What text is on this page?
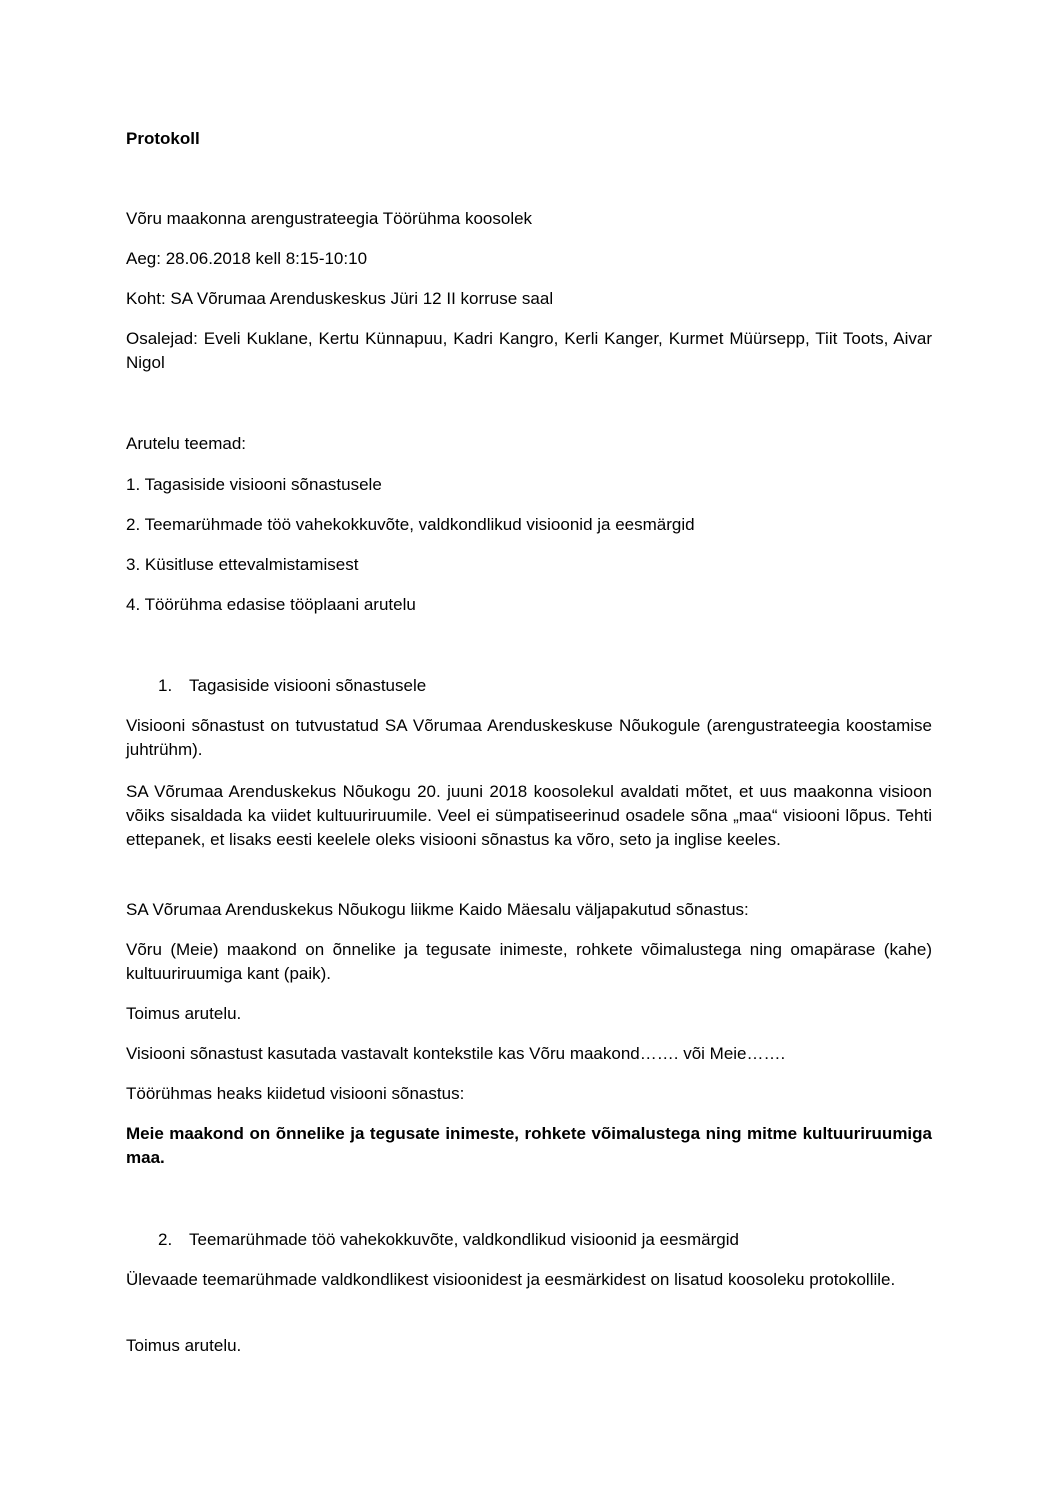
Protokoll

Võru maakonna arengustrateegia Töörühma koosolek

Aeg: 28.06.2018 kell 8:15-10:10

Koht: SA Võrumaa Arenduskeskus Jüri 12 II korruse saal

Osalejad: Eveli Kuklane, Kertu Künnapuu, Kadri Kangro, Kerli Kanger, Kurmet Müürsepp, Tiit Toots, Aivar Nigol

Arutelu teemad:

1. Tagasiside visiooni sõnastusele

2. Teemarühmade töö vahekokkuvõte, valdkondlikud visioonid ja eesmärgid

3. Küsitluse ettevalmistamisest

4. Töörühma edasise tööplaani arutelu

1. Tagasiside visiooni sõnastusele

Visiooni sõnastust on tutvustatud SA Võrumaa Arenduskeskuse Nõukogule (arengustrateegia koostamise juhtrühm).

SA Võrumaa Arenduskekus Nõukogu 20. juuni 2018 koosolekul avaldati mõtet, et uus maakonna visioon võiks sisaldada ka viidet kultuuriruumile. Veel ei sümpatiseerinud osadele sõna „maa“ visiooni lõpus. Tehti ettepanek, et lisaks eesti keelele oleks visiooni sõnastus ka võro, seto ja inglise keeles.

SA Võrumaa Arenduskekus Nõukogu liikme Kaido Mäesalu väljapakutud sõnastus:

Võru (Meie) maakond on õnnelike ja tegusate inimeste, rohkete võimalustega ning omapärase (kahe) kultuuriruumiga kant (paik).

Toimus arutelu.

Visiooni sõnastust kasutada vastavalt kontekstile kas Võru maakond……. või Meie…….

Töörühmas heaks kiidetud visiooni sõnastus:

Meie maakond on õnnelike ja tegusate inimeste, rohkete võimalustega ning mitme kultuuriruumiga maa.

2. Teemarühmade töö vahekokkuvõte, valdkondlikud visioonid ja eesmärgid

Ülevaade teemarühmade valdkondlikest visioonidest ja eesmärkidest on lisatud koosoleku protokollile.

Toimus arutelu.
